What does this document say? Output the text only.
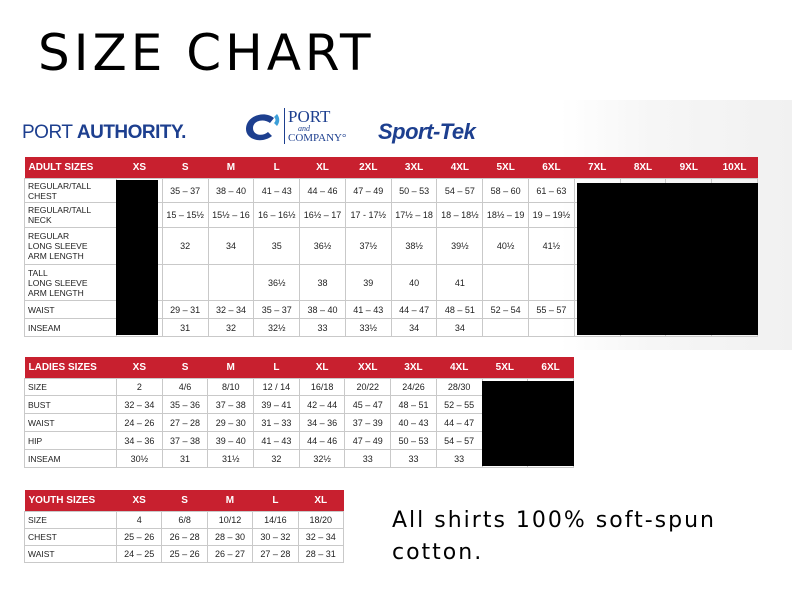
SIZE CHART
PORT AUTHORITY.
PORT
and
COMPANY° Sport-Tek
ADULT SIZES	XS	S	M	L	XL	2XL	3XL	4XL	5XL	6XL	7XL	8XL	9XL	10XL
REGULAR/TALL
CHEST		35 – 37	38 – 40	41 – 43	44 – 46	47 – 49	50 – 53	54 – 57	58 – 60	61 – 63				
REGULAR/TALL
NECK		15 – 15½	15½ – 16	16 – 16½	16½ – 17	17 - 17½	17½ – 18	18 – 18½	18½ – 19	19 – 19½				
REGULAR
LONG SLEEVE
ARM LENGTH		32	34	35	36½	37½	38½	39½	40½	41½				
TALL
LONG SLEEVE
ARM LENGTH				36½	38	39	40	41						
WAIST		29 – 31	32 – 34	35 – 37	38 – 40	41 – 43	44 – 47	48 – 51	52 – 54	55 – 57				
INSEAM		31	32	32½	33	33½	34	34						
LADIES SIZES	XS	S	M	L	XL	XXL	3XL	4XL	5XL	6XL
SIZE	2	4/6	8/10	12 / 14	16/18	20/22	24/26	28/30		
BUST	32 – 34	35 – 36	37 – 38	39 – 41	42 – 44	45 – 47	48 – 51	52 – 55		
WAIST	24 – 26	27 – 28	29 – 30	31 – 33	34 – 36	37 – 39	40 – 43	44 – 47		
HIP	34 – 36	37 – 38	39 – 40	41 – 43	44 – 46	47 – 49	50 – 53	54 – 57		
INSEAM	30½	31	31½	32	32½	33	33	33		
YOUTH SIZES	XS	S	M	L	XL
SIZE	4	6/8	10/12	14/16	18/20
CHEST	25 – 26	26 – 28	28 – 30	30 – 32	32 – 34
WAIST	24 – 25	25 – 26	26 – 27	27 – 28	28 – 31
All shirts 100% soft-spun cotton.
